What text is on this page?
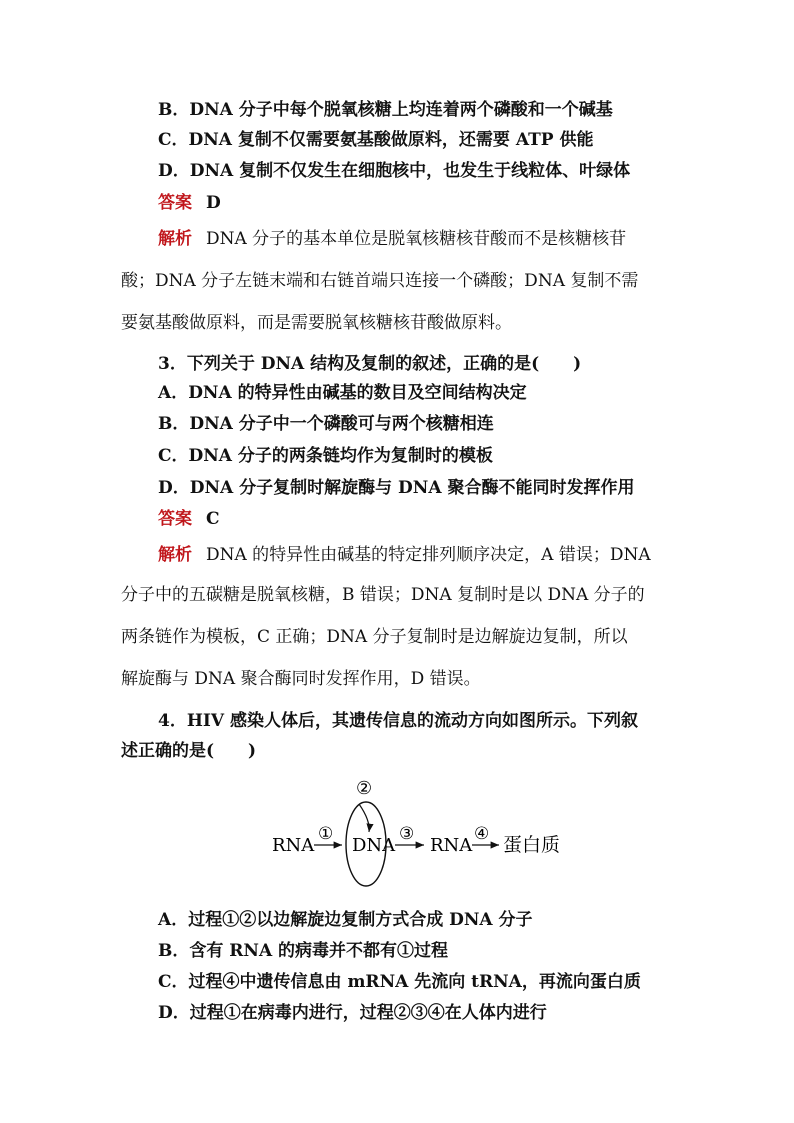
B．DNA 分子中每个脱氧核糖上均连着两个磷酸和一个碱基
C．DNA 复制不仅需要氨基酸做原料，还需要 ATP 供能
D．DNA 复制不仅发生在细胞核中，也发生于线粒体、叶绿体
答案 D
解析 DNA 分子的基本单位是脱氧核糖核苷酸而不是核糖核苷
酸；DNA 分子左链末端和右链首端只连接一个磷酸；DNA 复制不需
要氨基酸做原料，而是需要脱氧核糖核苷酸做原料。
3．下列关于 DNA 结构及复制的叙述，正确的是(　　)
A．DNA 的特异性由碱基的数目及空间结构决定
B．DNA 分子中一个磷酸可与两个核糖相连
C．DNA 分子的两条链均作为复制时的模板
D．DNA 分子复制时解旋酶与 DNA 聚合酶不能同时发挥作用
答案 C
解析 DNA 的特异性由碱基的特定排列顺序决定，A 错误；DNA
分子中的五碳糖是脱氧核糖，B 错误；DNA 复制时是以 DNA 分子的
两条链作为模板，C 正确；DNA 分子复制时是边解旋边复制，所以
解旋酶与 DNA 聚合酶同时发挥作用，D 错误。
4．HIV 感染人体后，其遗传信息的流动方向如图所示。下列叙
述正确的是(　　)
②
RNA
①
DNA
③
RNA
④ 蛋白质
A．过程①②以边解旋边复制方式合成 DNA 分子
B．含有 RNA 的病毒并不都有①过程
C．过程④中遗传信息由 mRNA 先流向 tRNA，再流向蛋白质
D．过程①在病毒内进行，过程②③④在人体内进行
